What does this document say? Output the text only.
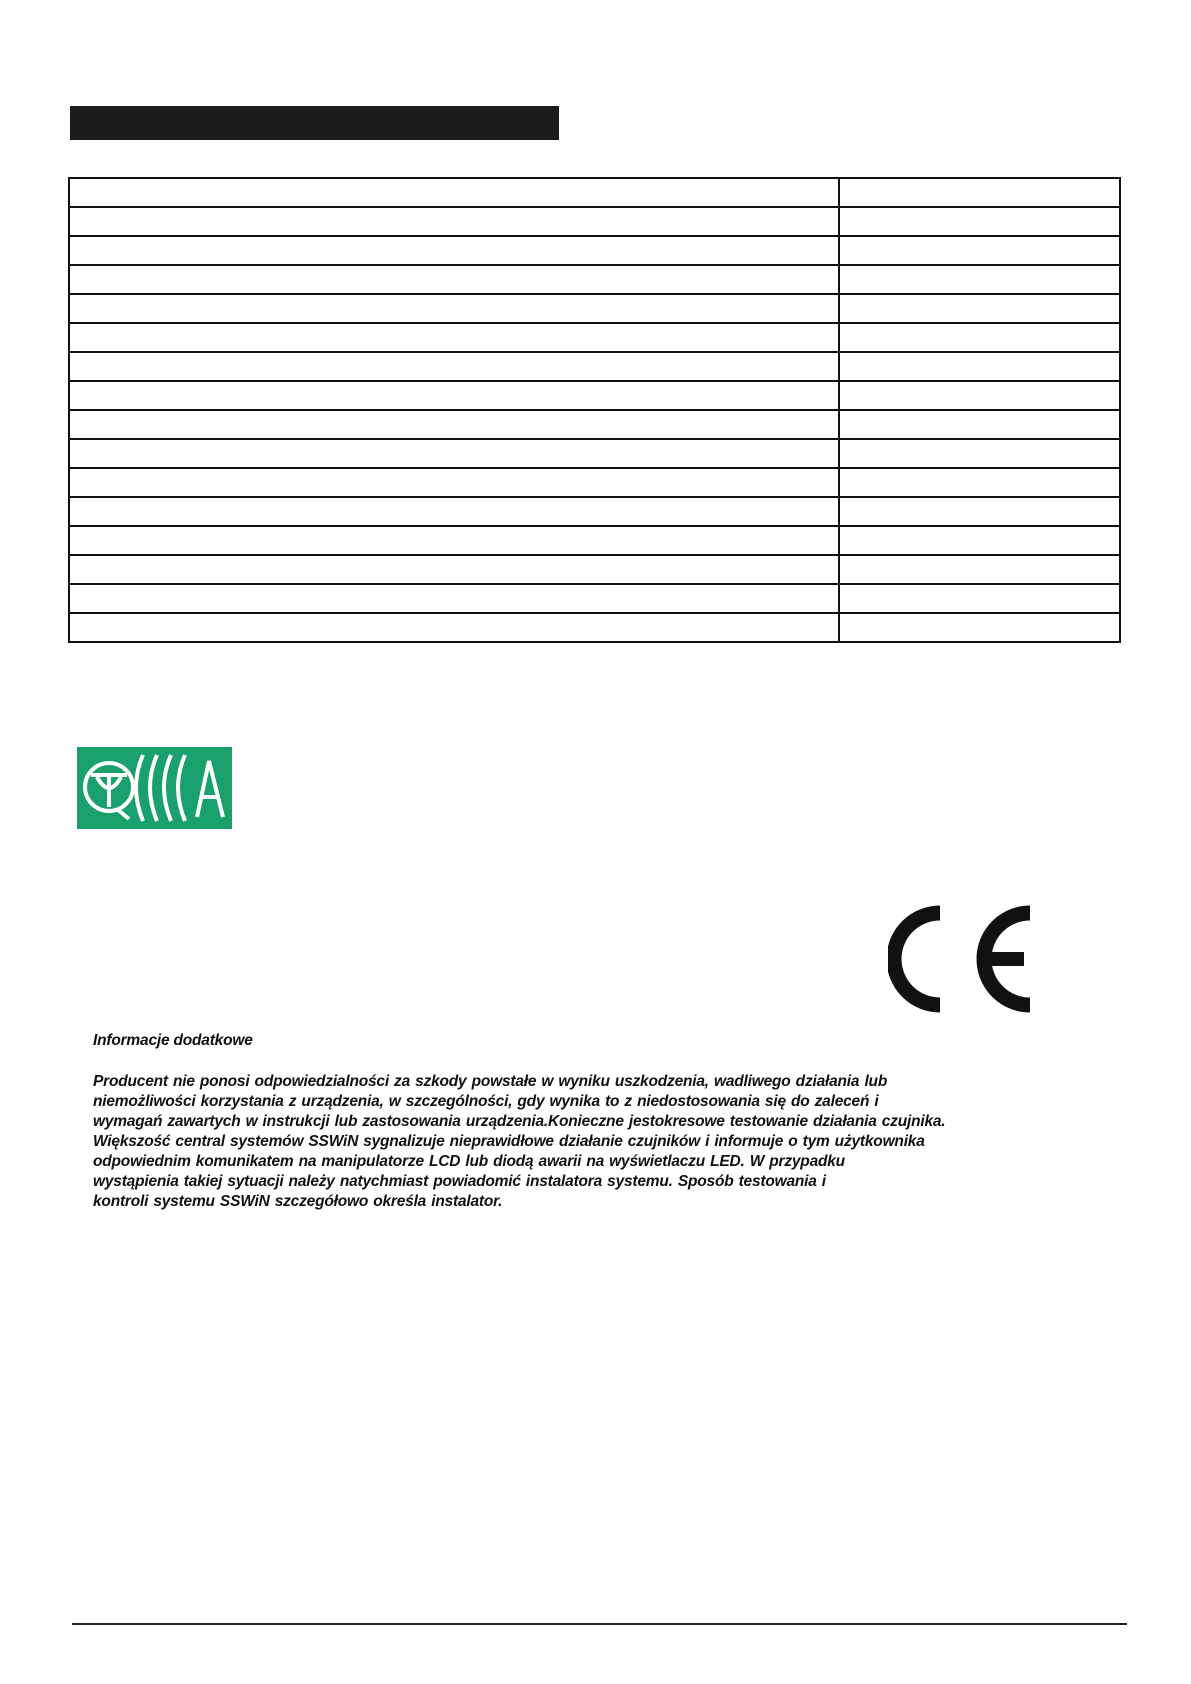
Informacje dodatkowe
Producent nie ponosi odpowiedzialności za szkody powstałe w wyniku uszkodzenia, wadliwego działania lub
niemożliwości korzystania z urządzenia, w szczególności, gdy wynika to z niedostosowania się do zaleceń i
wymagań zawartych w instrukcji lub zastosowania urządzenia.Konieczne jestokresowe testowanie działania czujnika.
Większość central systemów SSWiN sygnalizuje nieprawidłowe działanie czujników i informuje o tym użytkownika
odpowiednim komunikatem na manipulatorze LCD lub diodą awarii na wyświetlaczu LED. W przypadku
wystąpienia takiej sytuacji należy natychmiast powiadomić instalatora systemu. Sposób testowania i
kontroli systemu SSWiN szczegółowo określa instalator.
